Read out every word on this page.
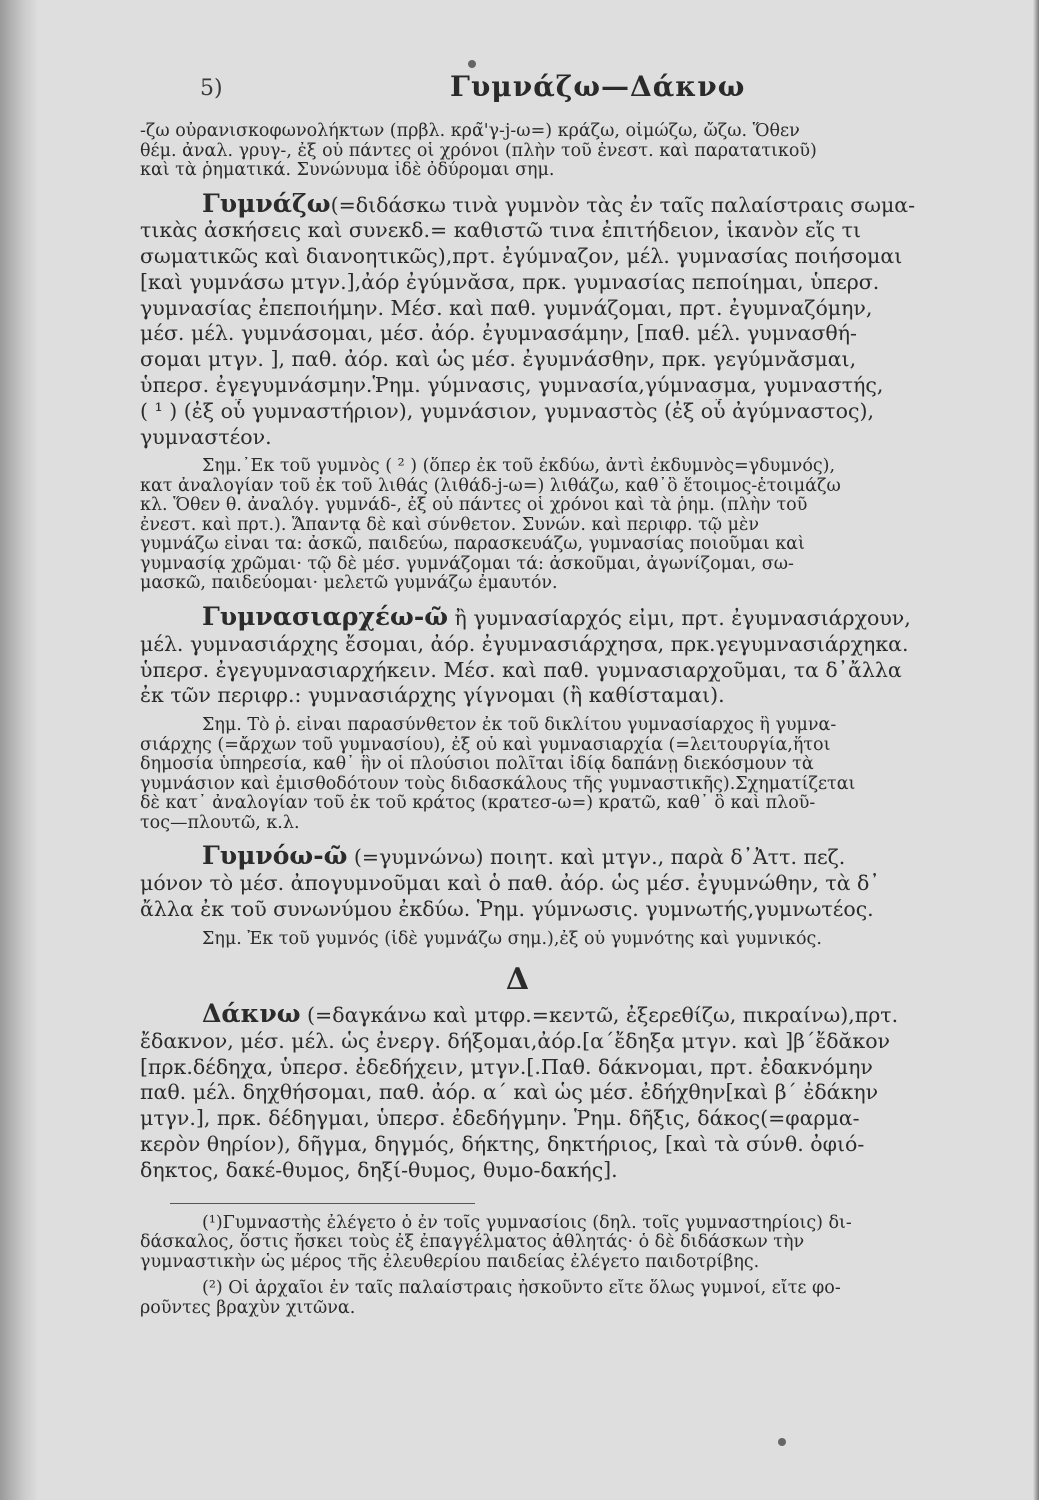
5)	Γυμνάζω—Δάκνω
-ζω οὐρανισκοφωνολήκτων (πρβλ. κρα̃'γ-j-ω=) κράζω, οἰμώζω, ὤζω. Ὅθεν
θέμ. ἀναλ. γρυγ-, ἐξ οὗ πάντες οἱ χρόνοι (πλὴν τοῦ ἐνεστ. καὶ παρατατικοῦ)
καὶ τὰ ῥηματικά. Συνώνυμα ἰδὲ ὀδύρομαι σημ.
Γυμνάζω(=διδάσκω τινὰ γυμνὸν τὰς ἐν ταῖς παλαίστραις σωμα-
τικὰς ἀσκήσεις καὶ συνεκδ.= καθιστῶ τινα ἐπιτήδειον, ἱκανὸν εἴς τι
σωματικῶς καὶ διανοητικῶς),πρτ. ἐγύμναζον, μέλ. γυμνασίας ποιήσομαι
[καὶ γυμνάσω μτγν.],ἀόρ ἐγύμνᾰσα, πρκ. γυμνασίας πεποίημαι, ὑπερσ.
γυμνασίας ἐπεποιήμην. Μέσ. καὶ παθ. γυμνάζομαι, πρτ. ἐγυμναζόμην,
μέσ. μέλ. γυμνάσομαι, μέσ. ἀόρ. ἐγυμνασάμην, [παθ. μέλ. γυμνασθή-
σομαι μτγν. ], παθ. ἀόρ. καὶ ὡς μέσ. ἐγυμνάσθην, πρκ. γεγύμνᾰσμαι,
ὑπερσ. ἐγεγυμνάσμην.Ῥημ. γύμνασις, γυμνασία,γύμνασμα, γυμναστής,
( ¹ ) (ἐξ οὗ γυμναστήριον), γυμνάσιον, γυμναστὸς (ἐξ οὗ ἀγύμναστος),
γυμναστέον.
Σημ.᾽Εκ τοῦ γυμνὸς ( ² ) (ὅπερ ἐκ τοῦ ἐκδύω, ἀντὶ ἐκδυμνὸς=γδυμνός),
κατ ἀναλογίαν τοῦ ἐκ τοῦ λιθάς (λιθάδ-j-ω=) λιθάζω, καθ᾽ὃ ἕτοιμος-ἑτοιμάζω
κλ. Ὅθεν θ. ἀναλόγ. γυμνάδ-, ἐξ οὗ πάντες οἱ χρόνοι καὶ τὰ ῥημ. (πλὴν τοῦ
ἐνεστ. καὶ πρτ.). Ἅπαντᾳ δὲ καὶ σύνθετον. Συνών. καὶ περιφρ. τῷ μὲν
γυμνάζω εἶναι τα: ἀσκῶ, παιδεύω, παρασκευάζω, γυμνασίας ποιοῦμαι καὶ
γυμνασίᾳ χρῶμαι· τῷ δὲ μέσ. γυμνάζομαι τά: ἀσκοῦμαι, ἀγωνίζομαι, σω-
μασκῶ, παιδεύομαι· μελετῶ γυμνάζω ἐμαυτόν.
Γυμνασιαρχέω-ῶ ἢ γυμνασίαρχός εἰμι, πρτ. ἐγυμνασιάρχουν,
μέλ. γυμνασιάρχης ἔσομαι, ἀόρ. ἐγυμνασιάρχησα, πρκ.γεγυμνασιάρχηκα.
ὑπερσ. ἐγεγυμνασιαρχήκειν. Μέσ. καὶ παθ. γυμνασιαρχοῦμαι, τα δ᾽ἄλλα
ἐκ τῶν περιφρ.: γυμνασιάρχης γίγνομαι (ἢ καθίσταμαι).
Σημ. Τὸ ῥ. εἶναι παρασύνθετον ἐκ τοῦ δικλίτου γυμνασίαρχος ἢ γυμνα-
σιάρχης (=ἄρχων τοῦ γυμνασίου), ἐξ οὗ καὶ γυμνασιαρχία (=λειτουργία,ἥτοι
δημοσία ὑπηρεσία, καθ᾽ ἣν οἱ πλούσιοι πολῖται ἰδίᾳ δαπάνῃ διεκόσμουν τὰ
γυμνάσιον καὶ ἐμισθοδότουν τοὺς διδασκάλους τῆς γυμναστικῆς).Σχηματίζεται
δὲ κατ᾽ ἀναλογίαν τοῦ ἐκ τοῦ κράτος (κρατεσ-ω=) κρατῶ, καθ᾽ ὃ καὶ πλοῦ-
τος—πλουτῶ, κ.λ.
Γυμνόω-ῶ (=γυμνώνω) ποιητ. καὶ μτγν., παρὰ δ᾽Ἀττ. πεζ.
μόνον τὸ μέσ. ἀπογυμνοῦμαι καὶ ὁ παθ. ἀόρ. ὡς μέσ. ἐγυμνώθην, τὰ δ᾽
ἄλλα ἐκ τοῦ συνωνύμου ἐκδύω. Ῥημ. γύμνωσις. γυμνωτής,γυμνωτέος.
Σημ. Ἐκ τοῦ γυμνός (ἰδὲ γυμνάζω σημ.),ἐξ οὗ γυμνότης καὶ γυμνικός.
Δ
Δάκνω (=δαγκάνω καὶ μτφρ.=κεντῶ, ἐξερεθίζω, πικραίνω),πρτ.
ἔδακνον, μέσ. μέλ. ὡς ἐνεργ. δήξομαι,ἀόρ.[α´ἔδηξα μτγν. καὶ ]β´ἔδᾰκον
[πρκ.δέδηχα, ὑπερσ. ἐδεδήχειν, μτγν.[.Παθ. δάκνομαι, πρτ. ἐδακνόμην
παθ. μέλ. δηχθήσομαι, παθ. ἀόρ. α´ καὶ ὡς μέσ. ἐδήχθην[καὶ β´ ἐδάκην
μτγν.], πρκ. δέδηγμαι, ὑπερσ. ἐδεδήγμην. Ῥημ. δῆξις, δάκος(=φαρμα-
κερὸν θηρίον), δῆγμα, δηγμός, δήκτης, δηκτήριος, [καὶ τὰ σύνθ. ὀφιό-
δηκτος, δακέ-θυμος, δηξί-θυμος, θυμο-δακής].
(¹)Γυμναστὴς ἐλέγετο ὁ ἐν τοῖς γυμνασίοις (δηλ. τοῖς γυμναστηρίοις) δι-
δάσκαλος, ὅστις ἤσκει τοὺς ἐξ ἐπαγγέλματος ἀθλητάς· ὁ δὲ διδάσκων τὴν
γυμναστικὴν ὡς μέρος τῆς ἐλευθερίου παιδείας ἐλέγετο παιδοτρίβης.
(²) Οἱ ἀρχαῖοι ἐν ταῖς παλαίστραις ἠσκοῦντο εἴτε ὅλως γυμνοί, εἴτε φο-
ροῦντες βραχὺν χιτῶνα.
